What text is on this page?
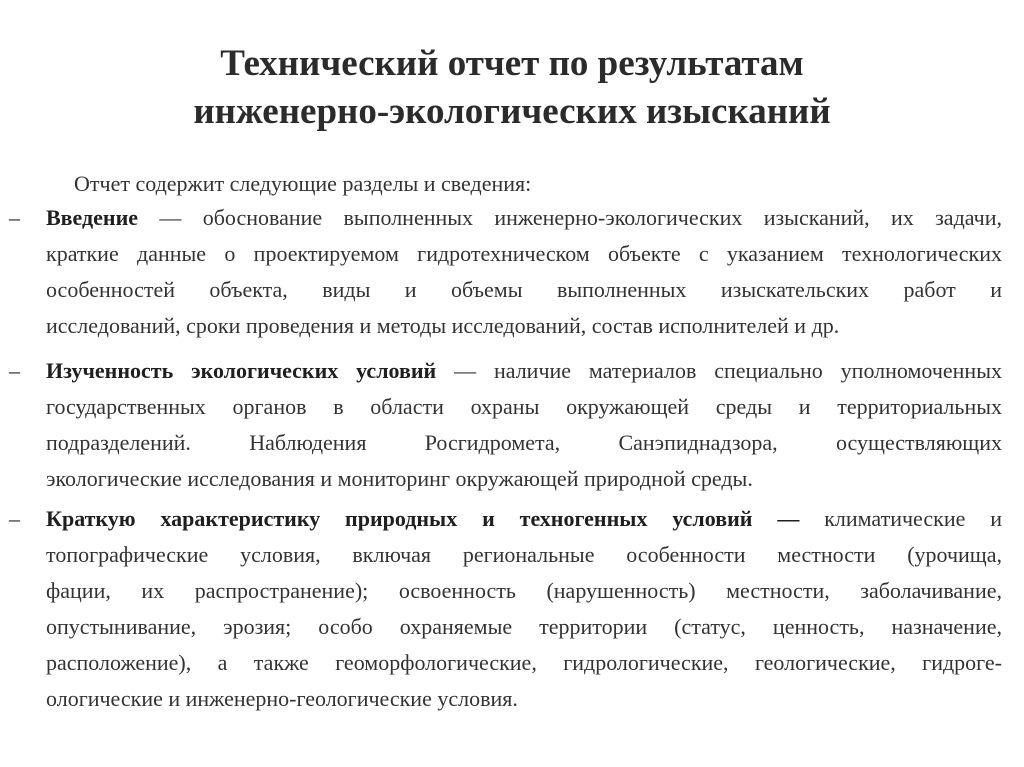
Технический отчет по результатам
инженерно-экологических изысканий
Отчет содержит следующие разделы и сведения:
– Введение — обоснование выполненных инженерно-экологических изысканий, их задачи,
краткие данные о проектируемом гидротехническом объекте с указанием технологических
особенностей объекта, виды и объемы выполненных изыскательских работ и
исследований, сроки проведения и методы исследований, состав исполнителей и др.
– Изученность экологических условий — наличие материалов специально уполномоченных
государственных органов в области охраны окружающей среды и территориальных
подразделений. Наблюдения Росгидромета, Санэпиднадзора, осуществляющих
экологические исследования и мониторинг окружающей природной среды.
– Краткую характеристику природных и техногенных условий — климатические и
топографические условия, включая региональные особенности местности (урочища,
фации, их распространение); освоенность (нарушенность) местности, заболачивание,
опустынивание, эрозия; особо охраняемые территории (статус, ценность, назначение,
расположение), а также геоморфологические, гидрологические, геологические, гидроге-
ологические и инженерно-геологические условия.
